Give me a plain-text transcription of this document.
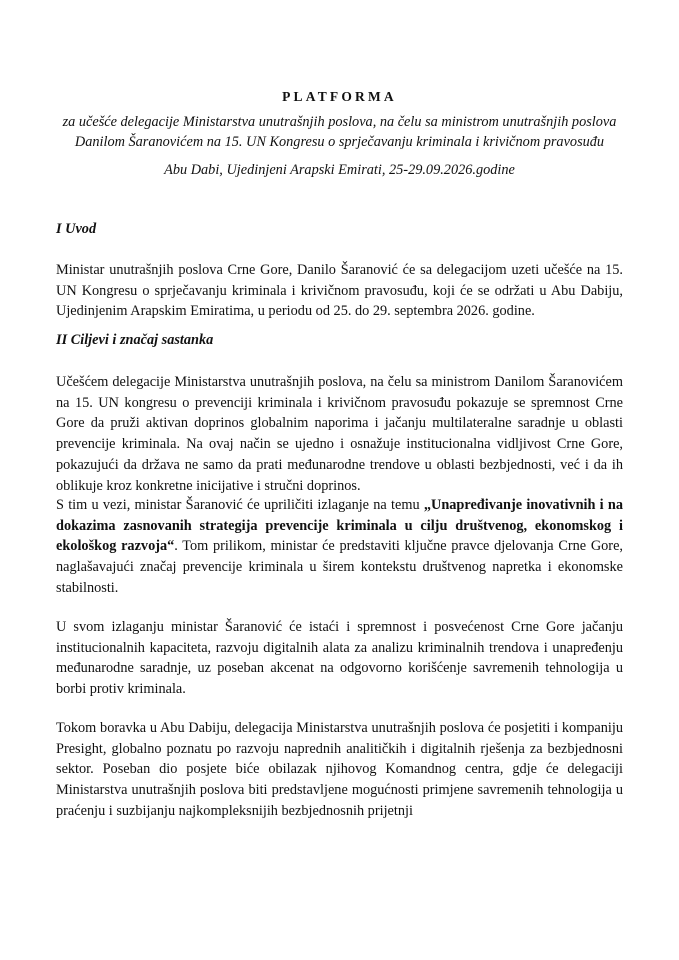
PLATFORMA
za učešće delegacije Ministarstva unutrašnjih poslova, na čelu sa ministrom unutrašnjih poslova
Danilom Šaranovićem na 15. UN Kongresu o sprječavanju kriminala i krivičnom pravosuđu
Abu Dabi, Ujedinjeni Arapski Emirati, 25-29.09.2026.godine
I Uvod
Ministar unutrašnjih poslova Crne Gore, Danilo Šaranović će sa delegacijom uzeti učešće na 15. UN Kongresu o sprječavanju kriminala i krivičnom pravosuđu, koji će se održati u Abu Dabiju, Ujedinjenim Arapskim Emiratima, u periodu od 25. do 29. septembra 2026. godine.
II Ciljevi i značaj sastanka
Učešćem delegacije Ministarstva unutrašnjih poslova, na čelu sa ministrom Danilom Šaranovićem na 15. UN kongresu o prevenciji kriminala i krivičnom pravosuđu pokazuje se spremnost Crne Gore da pruži aktivan doprinos globalnim naporima i jačanju multilateralne saradnje u oblasti prevencije kriminala. Na ovaj način se ujedno i osnažuje institucionalna vidljivost Crne Gore, pokazujući da država ne samo da prati međunarodne trendove u oblasti bezbjednosti, već i da ih oblikuje kroz konkretne inicijative i stručni doprinos.
S tim u vezi, ministar Šaranović će upriličiti izlaganje na temu „Unapređivanje inovativnih i na dokazima zasnovanih strategija prevencije kriminala u cilju društvenog, ekonomskog i ekološkog razvoja“. Tom prilikom, ministar će predstaviti ključne pravce djelovanja Crne Gore, naglašavajući značaj prevencije kriminala u širem kontekstu društvenog napretka i ekonomske stabilnosti.
U svom izlaganju ministar Šaranović će istaći i spremnost i posvećenost Crne Gore jačanju institucionalnih kapaciteta, razvoju digitalnih alata za analizu kriminalnih trendova i unapređenju međunarodne saradnje, uz poseban akcenat na odgovorno korišćenje savremenih tehnologija u borbi protiv kriminala.
Tokom boravka u Abu Dabiju, delegacija Ministarstva unutrašnjih poslova će posjetiti i kompaniju Presight, globalno poznatu po razvoju naprednih analitičkih i digitalnih rješenja za bezbjednosni sektor. Poseban dio posjete biće obilazak njihovog Komandnog centra, gdje će delegaciji Ministarstva unutrašnjih poslova biti predstavljene mogućnosti primjene savremenih tehnologija u praćenju i suzbijanju najkompleksnijih bezbjednosnih prijetnji
